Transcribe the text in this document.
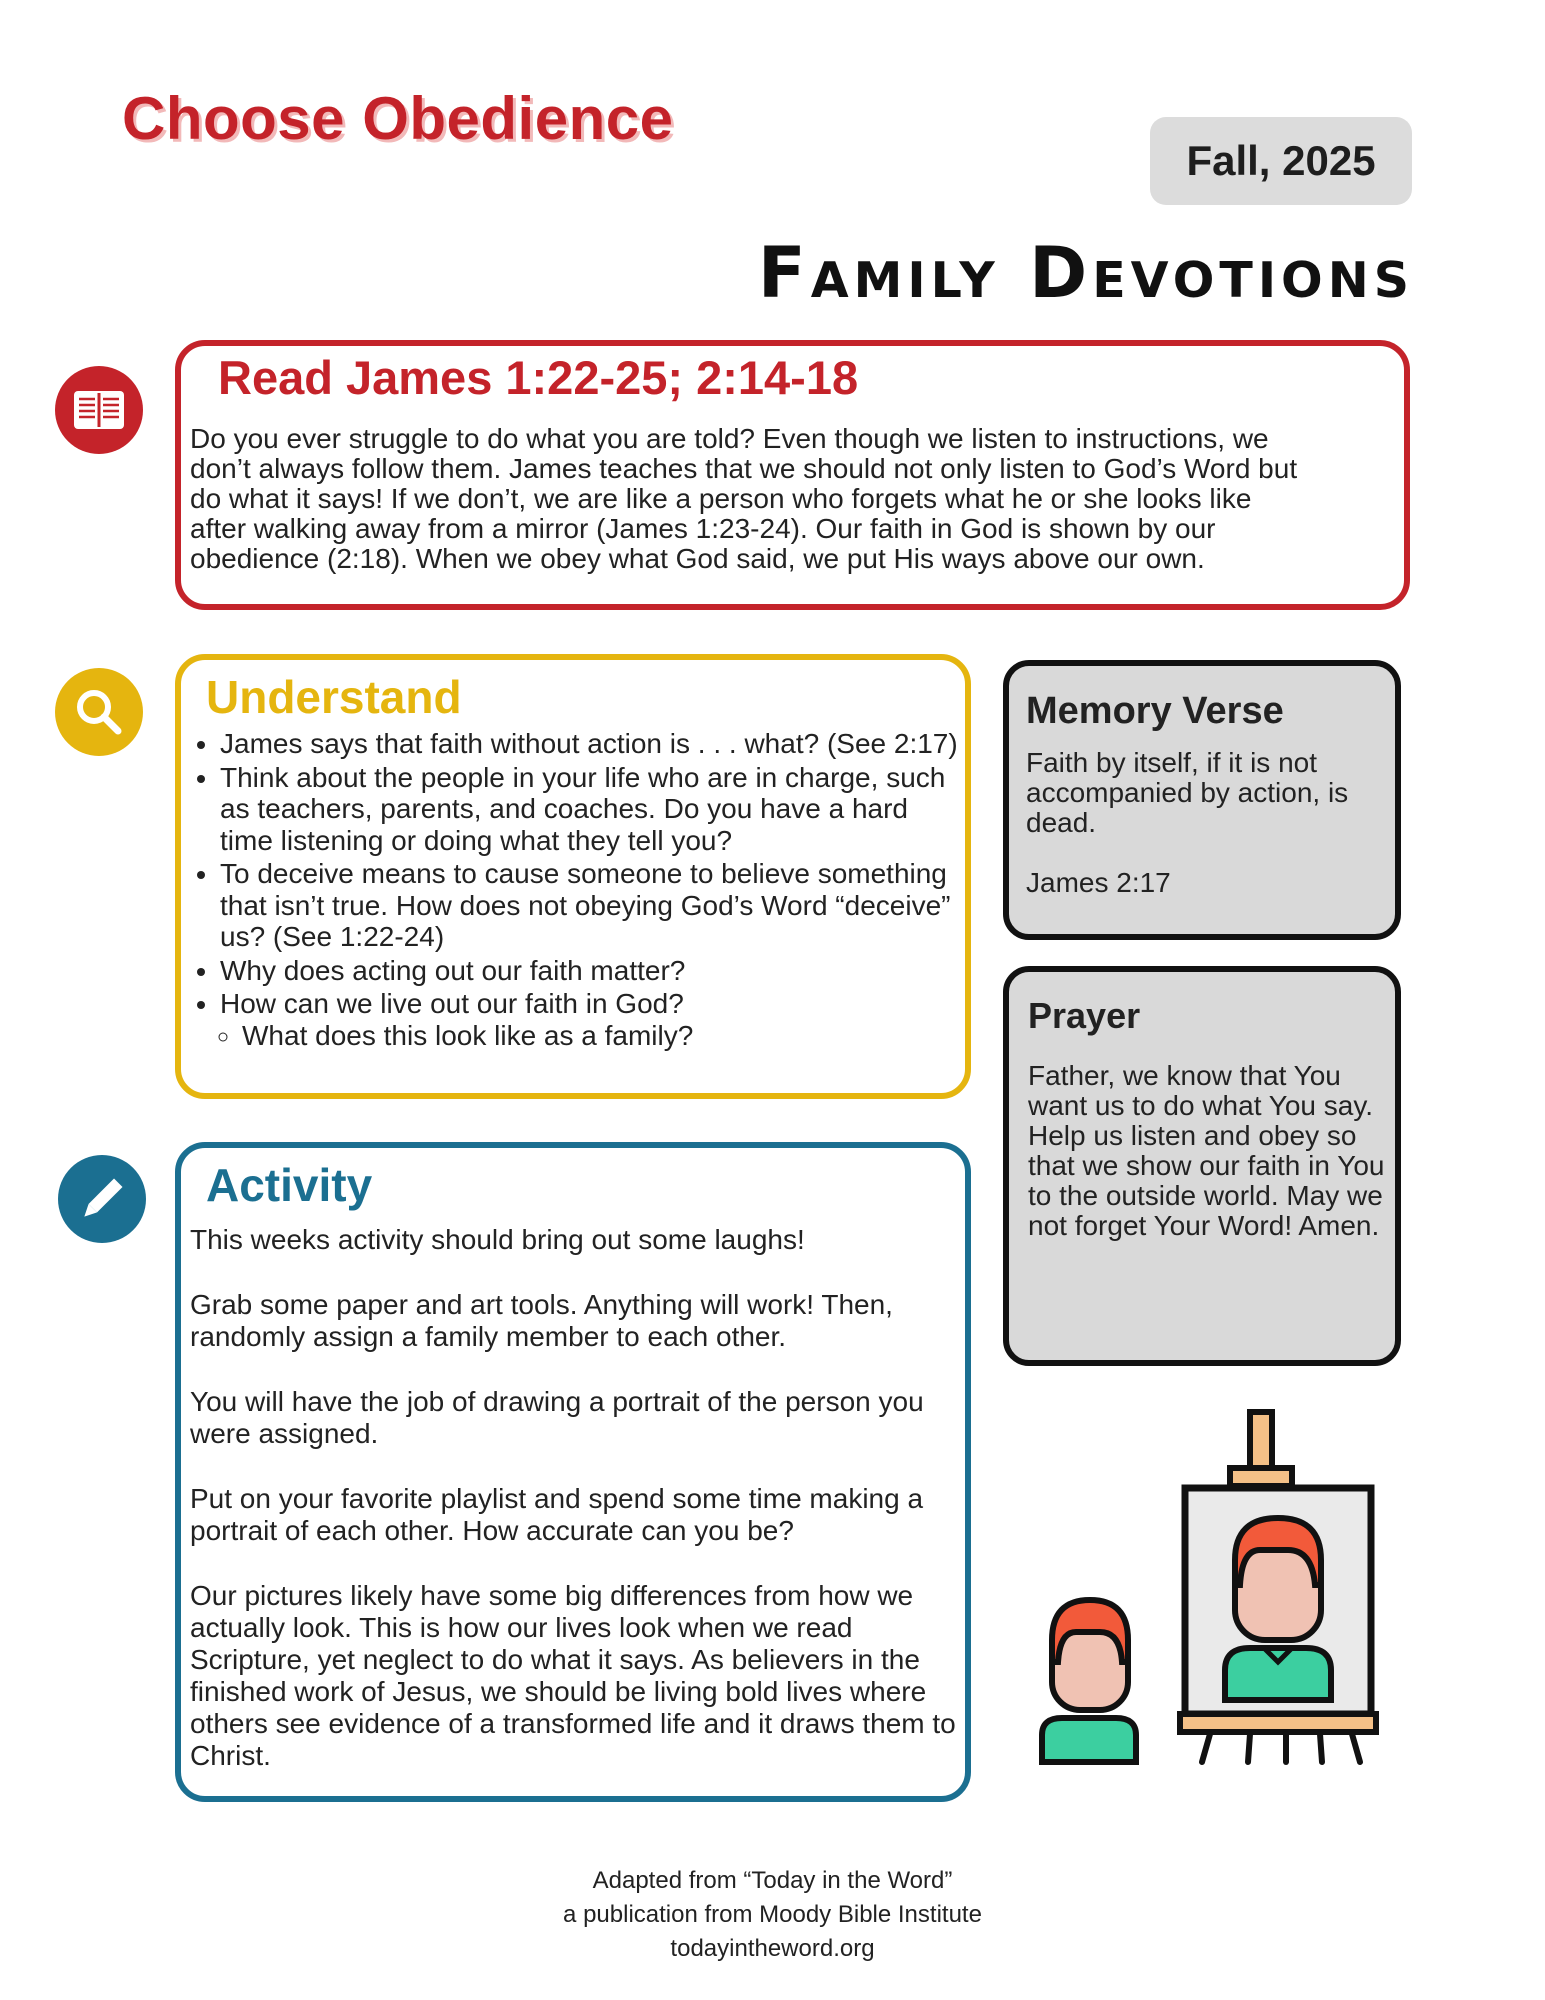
Choose Obedience
Fall, 2025
Family Devotions
Read James 1:22-25; 2:14-18
Do you ever struggle to do what you are told? Even though we listen to instructions, we
don’t always follow them. James teaches that we should not only listen to God’s Word but
do what it says! If we don’t, we are like a person who forgets what he or she looks like
after walking away from a mirror (James 1:23-24). Our faith in God is shown by our
obedience (2:18). When we obey what God said, we put His ways above our own.
Understand
• James says that faith without action is . . . what? (See 2:17)
• Think about the people in your life who are in charge, such as teachers, parents, and coaches. Do you have a hard time listening or doing what they tell you?
• To deceive means to cause someone to believe something that isn’t true. How does not obeying God’s Word “deceive” us? (See 1:22-24)
• Why does acting out our faith matter?
• How can we live out our faith in God?
◦ What does this look like as a family?
Memory Verse
Faith by itself, if it is not accompanied by action, is dead.
James 2:17
Prayer
Father, we know that You want us to do what You say. Help us listen and obey so that we show our faith in You to the outside world. May we not forget Your Word! Amen.
Activity

This weeks activity should bring out some laughs!

Grab some paper and art tools. Anything will work! Then, randomly assign a family member to each other.

You will have the job of drawing a portrait of the person you were assigned.

Put on your favorite playlist and spend some time making a portrait of each other. How accurate can you be?

Our pictures likely have some big differences from how we actually look. This is how our lives look when we read Scripture, yet neglect to do what it says. As believers in the finished work of Jesus, we should be living bold lives where others see evidence of a transformed life and it draws them to Christ.

Adapted from “Today in the Word”
a publication from Moody Bible Institute
todayintheword.org
